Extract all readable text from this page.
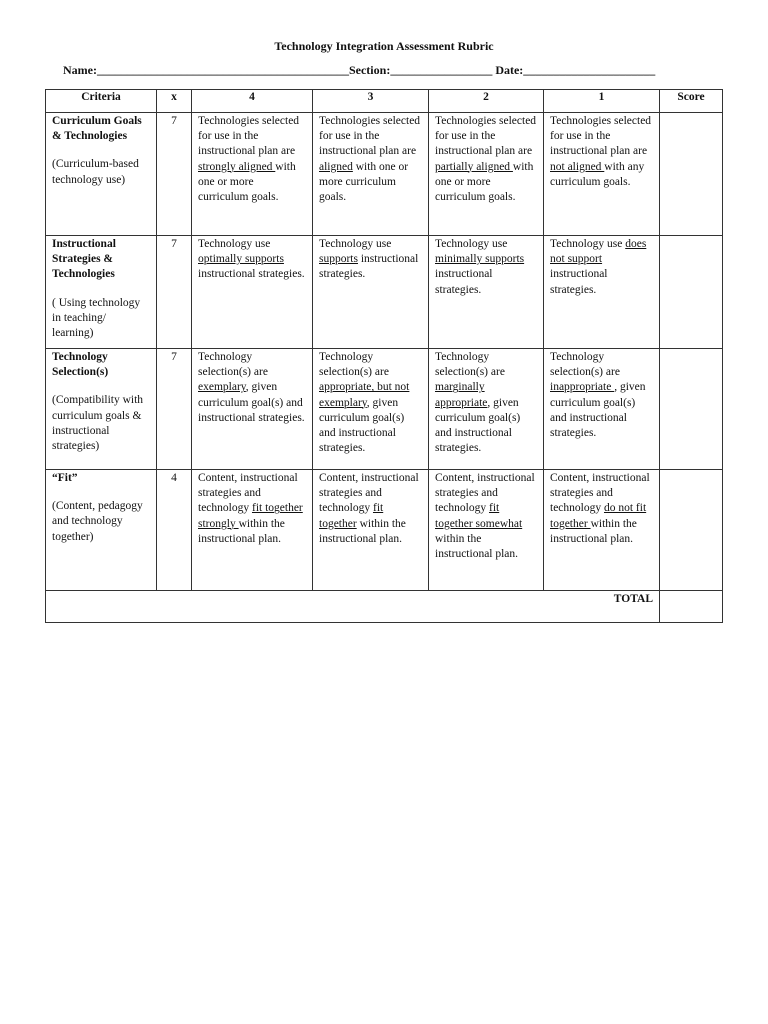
Technology Integration Assessment Rubric
Name:__________________________________________Section:_________________ Date:______________________
Criteria	x	4	3	2	1	Score

Curriculum Goals & Technologies
(Curriculum-based technology use)	7	Technologies selected for use in the instructional plan are strongly aligned with one or more curriculum goals.	Technologies selected for use in the instructional plan are aligned with one or more curriculum goals.	Technologies selected for use in the instructional plan are partially aligned with one or more curriculum goals.	Technologies selected for use in the instructional plan are not aligned with any curriculum goals.	

Instructional Strategies & Technologies
( Using technology in teaching/ learning)	7	Technology use optimally supports instructional strategies.	Technology use supports instructional strategies.	Technology use minimally supports instructional strategies.	Technology use does not support instructional strategies.	

Technology Selection(s)
(Compatibility with curriculum goals & instructional strategies)	7	Technology selection(s) are exemplary, given curriculum goal(s) and instructional strategies.	Technology selection(s) are appropriate, but not exemplary, given curriculum goal(s) and instructional strategies.	Technology selection(s) are marginally appropriate, given curriculum goal(s) and instructional strategies.	Technology selection(s) are inappropriate , given curriculum goal(s) and instructional strategies.	

“Fit”
(Content, pedagogy and technology together)	4	Content, instructional strategies and technology fit together strongly within the instructional plan.	Content, instructional strategies and technology fit together within the instructional plan.	Content, instructional strategies and technology fit together somewhat within the instructional plan.	Content, instructional strategies and technology do not fit together within the instructional plan.	
TOTAL						
